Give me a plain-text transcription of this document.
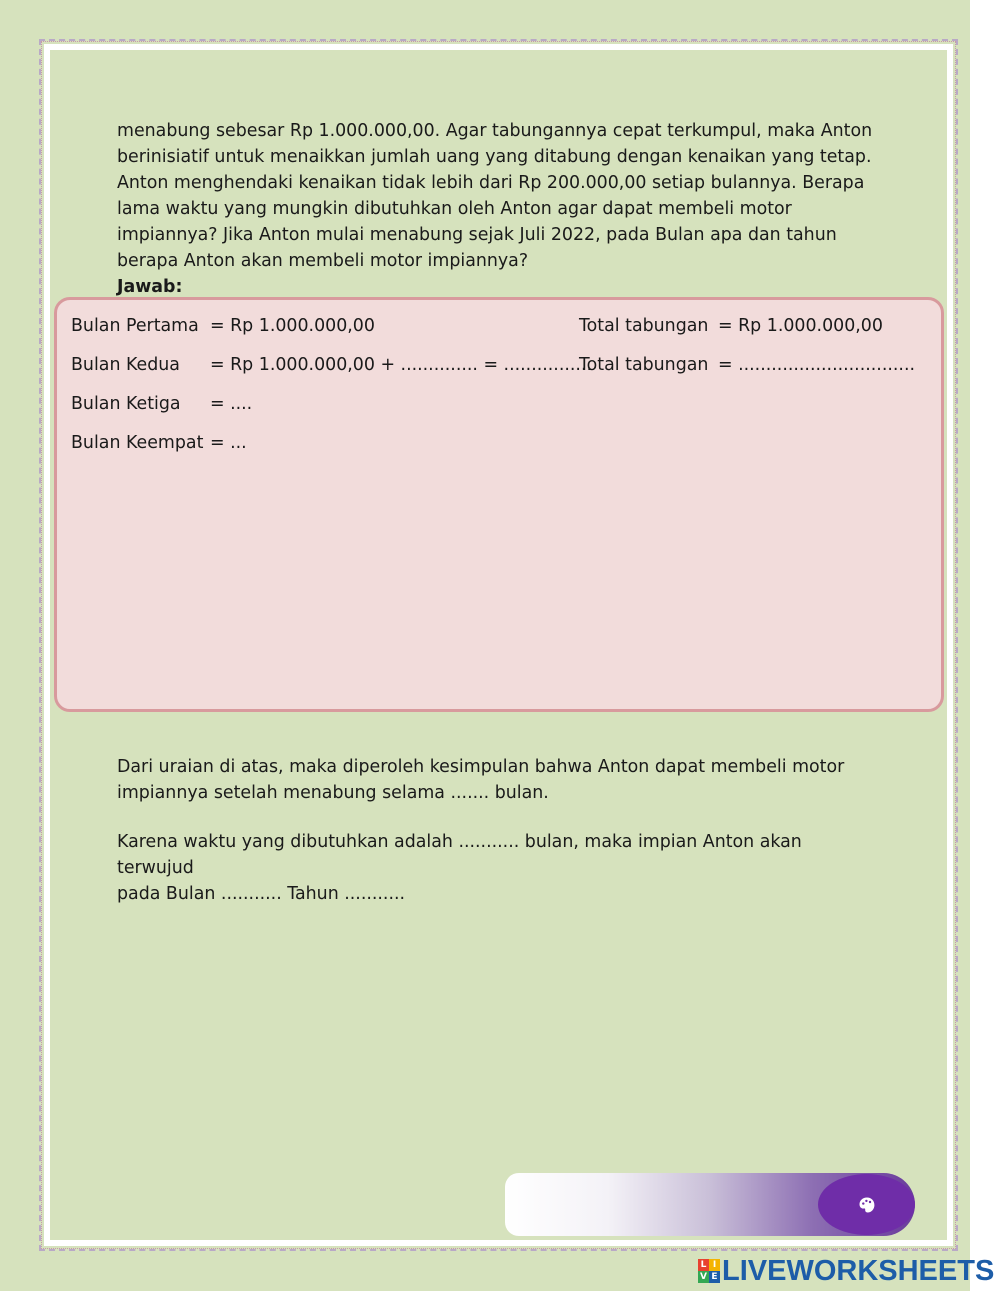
menabung sebesar Rp 1.000.000,00. Agar tabungannya cepat terkumpul, maka Anton
berinisiatif untuk menaikkan jumlah uang yang ditabung dengan kenaikan yang tetap.
Anton menghendaki kenaikan tidak lebih dari Rp 200.000,00 setiap bulannya. Berapa
lama waktu yang mungkin dibutuhkan oleh Anton agar dapat membeli motor
impiannya? Jika Anton mulai menabung sejak Juli 2022, pada Bulan apa dan tahun
berapa Anton akan membeli motor impiannya?
Jawab:
Bulan Pertama = Rp 1.000.000,00	Total tabungan = Rp 1.000.000,00
Bulan Kedua = Rp 1.000.000,00 + .............. = ................
Total tabungan = ................................
Bulan Ketiga = ....
Bulan Keempat = ...
Dari uraian di atas, maka diperoleh kesimpulan bahwa Anton dapat membeli motor
impiannya setelah menabung selama ....... bulan.
Karena waktu yang dibutuhkan adalah ........... bulan, maka impian Anton akan terwujud
pada Bulan ........... Tahun ...........
L I
V E LIVEWORKSHEETS
